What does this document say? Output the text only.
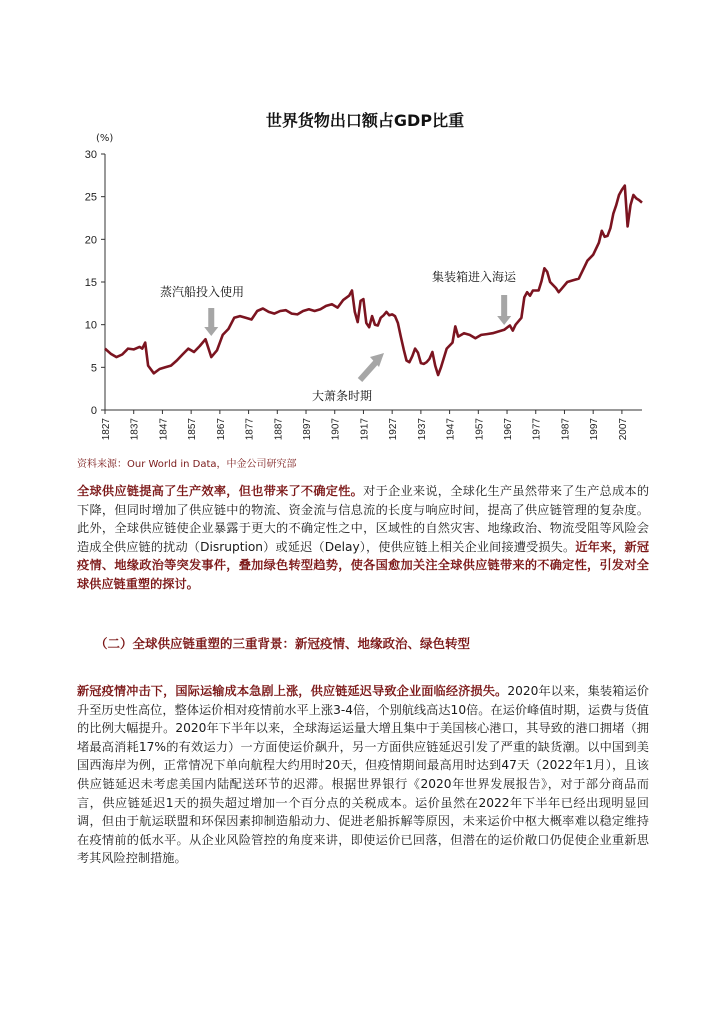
世界货物出口额占GDP比重
(%)
0
5
10
15
20
25
30
1827 1837 1847 1857 1867 1877 1887 1897 1907 1917 1927 1937 1947 1957 1967 1977 1987 1997 2007
蒸汽船投入使用
大萧条时期
集装箱进入海运
资料来源：Our World in Data，中金公司研究部

全球供应链提高了生产效率，但也带来了不确定性。对于企业来说，全球化生产虽然带来了生产总成本的下降，但同时增加了供应链中的物流、资金流与信息流的长度与响应时间，提高了供应链管理的复杂度。此外，全球供应链使企业暴露于更大的不确定性之中，区域性的自然灾害、地缘政治、物流受阻等风险会造成全供应链的扰动（Disruption）或延迟（Delay），使供应链上相关企业间接遭受损失。近年来，新冠疫情、地缘政治等突发事件，叠加绿色转型趋势，使各国愈加关注全球供应链带来的不确定性，引发对全球供应链重塑的探讨。

（二）全球供应链重塑的三重背景：新冠疫情、地缘政治、绿色转型

新冠疫情冲击下，国际运输成本急剧上涨，供应链延迟导致企业面临经济损失。2020年以来，集装箱运价升至历史性高位，整体运价相对疫情前水平上涨3-4倍，个别航线高达10倍。在运价峰值时期，运费与货值的比例大幅提升。2020年下半年以来，全球海运运量大增且集中于美国核心港口，其导致的港口拥堵（拥堵最高消耗17%的有效运力）一方面使运价飙升，另一方面供应链延迟引发了严重的缺货潮。以中国到美国西海岸为例，正常情况下单向航程大约用时20天，但疫情期间最高用时达到47天（2022年1月），且该供应链延迟未考虑美国内陆配送环节的迟滞。根据世界银行《2020年世界发展报告》，对于部分商品而言，供应链延迟1天的损失超过增加一个百分点的关税成本。运价虽然在2022年下半年已经出现明显回调，但由于航运联盟和环保因素抑制造船动力、促进老船拆解等原因，未来运价中枢大概率难以稳定维持在疫情前的低水平。从企业风险管控的角度来讲，即使运价已回落，但潜在的运价敞口仍促使企业重新思考其风险控制措施。
